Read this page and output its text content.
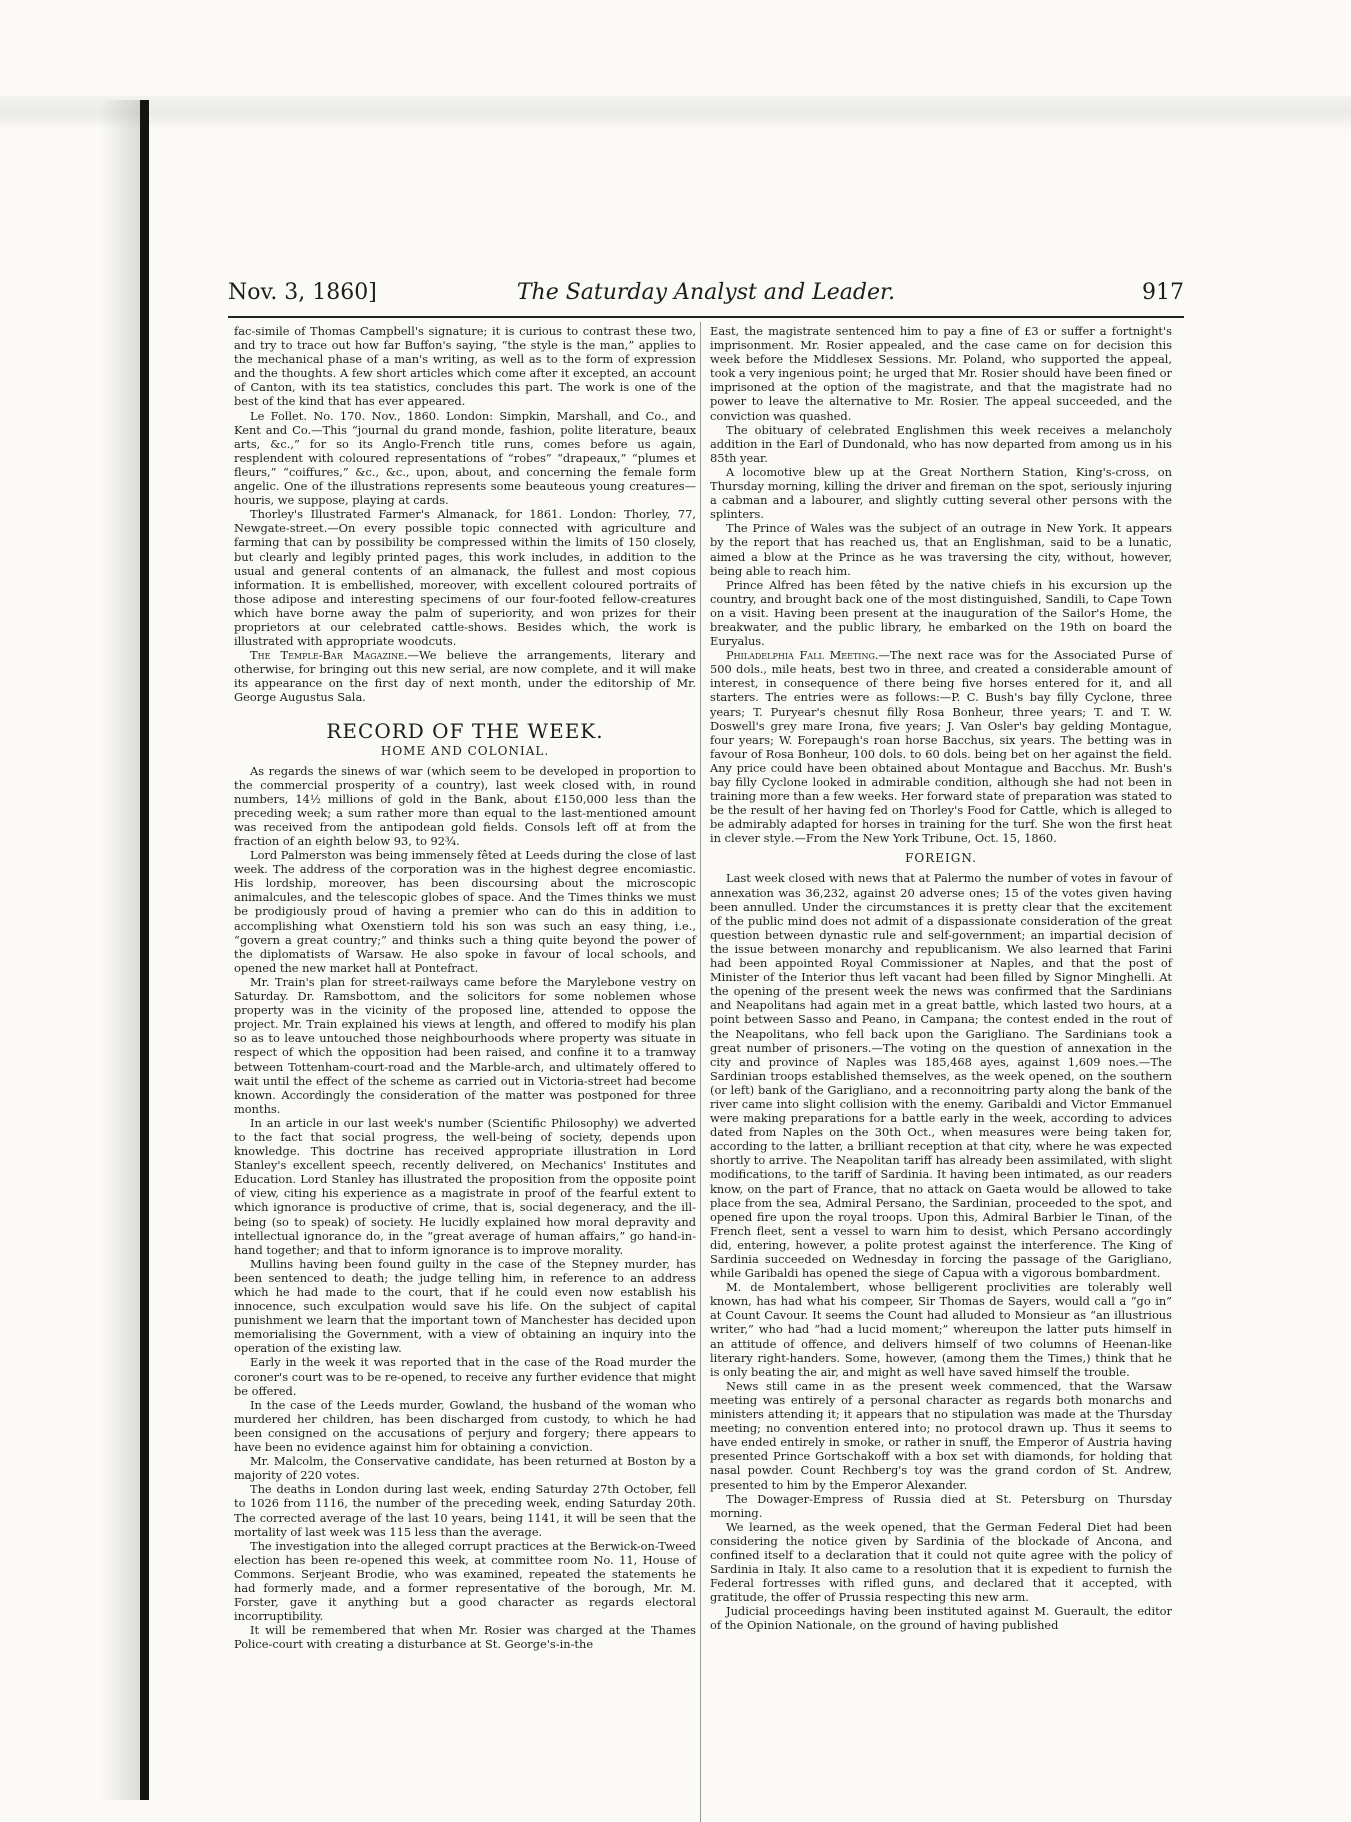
Nov. 3, 1860]	The Saturday Analyst and Leader.	917

fac-simile of Thomas Campbell's signature; it is curious to contrast these two, and try to trace out how far Buffon's saying, “the style is the man,” applies to the mechanical phase of a man's writing, as well as to the form of expression and the thoughts. A few short articles which come after it excepted, an account of Canton, with its tea statistics, concludes this part. The work is one of the best of the kind that has ever appeared.

Le Follet. No. 170. Nov., 1860. London: Simpkin, Marshall, and Co., and Kent and Co.—This “journal du grand monde, fashion, polite literature, beaux arts, &c.,” for so its Anglo-French title runs, comes before us again, resplendent with coloured representations of “robes” “drapeaux,” “plumes et fleurs,” “coiffures,” &c., &c., upon, about, and concerning the female form angelic. One of the illustrations represents some beauteous young creatures—houris, we suppose, playing at cards.

Thorley's Illustrated Farmer's Almanack, for 1861. London: Thorley, 77, Newgate-street.—On every possible topic connected with agriculture and farming that can by possibility be compressed within the limits of 150 closely, but clearly and legibly printed pages, this work includes, in addition to the usual and general contents of an almanack, the fullest and most copious information. It is embellished, moreover, with excellent coloured portraits of those adipose and interesting specimens of our four-footed fellow-creatures which have borne away the palm of superiority, and won prizes for their proprietors at our celebrated cattle-shows. Besides which, the work is illustrated with appropriate woodcuts.

The Temple-Bar Magazine.—We believe the arrangements, literary and otherwise, for bringing out this new serial, are now complete, and it will make its appearance on the first day of next month, under the editorship of Mr. George Augustus Sala.

RECORD OF THE WEEK.
HOME AND COLONIAL.

As regards the sinews of war (which seem to be developed in proportion to the commercial prosperity of a country), last week closed with, in round numbers, 14½ millions of gold in the Bank, about £150,000 less than the preceding week; a sum rather more than equal to the last-mentioned amount was received from the antipodean gold fields. Consols left off at from the fraction of an eighth below 93, to 92¾.

Lord Palmerston was being immensely fêted at Leeds during the close of last week. The address of the corporation was in the highest degree encomiastic. His lordship, moreover, has been discoursing about the microscopic animalcules, and the telescopic globes of space. And the Times thinks we must be prodigiously proud of having a premier who can do this in addition to accomplishing what Oxenstiern told his son was such an easy thing, i.e., “govern a great country;” and thinks such a thing quite beyond the power of the diplomatists of Warsaw. He also spoke in favour of local schools, and opened the new market hall at Pontefract.

Mr. Train's plan for street-railways came before the Marylebone vestry on Saturday. Dr. Ramsbottom, and the solicitors for some noblemen whose property was in the vicinity of the proposed line, attended to oppose the project. Mr. Train explained his views at length, and offered to modify his plan so as to leave untouched those neighbourhoods where property was situate in respect of which the opposition had been raised, and confine it to a tramway between Tottenham-court-road and the Marble-arch, and ultimately offered to wait until the effect of the scheme as carried out in Victoria-street had become known. Accordingly the consideration of the matter was postponed for three months.

In an article in our last week's number (Scientific Philosophy) we adverted to the fact that social progress, the well-being of society, depends upon knowledge. This doctrine has received appropriate illustration in Lord Stanley's excellent speech, recently delivered, on Mechanics' Institutes and Education. Lord Stanley has illustrated the proposition from the opposite point of view, citing his experience as a magistrate in proof of the fearful extent to which ignorance is productive of crime, that is, social degeneracy, and the ill-being (so to speak) of society. He lucidly explained how moral depravity and intellectual ignorance do, in the “great average of human affairs,” go hand-in-hand together; and that to inform ignorance is to improve morality.

Mullins having been found guilty in the case of the Stepney murder, has been sentenced to death; the judge telling him, in reference to an address which he had made to the court, that if he could even now establish his innocence, such exculpation would save his life. On the subject of capital punishment we learn that the important town of Manchester has decided upon memorialising the Government, with a view of obtaining an inquiry into the operation of the existing law.

Early in the week it was reported that in the case of the Road murder the coroner's court was to be re-opened, to receive any further evidence that might be offered.

In the case of the Leeds murder, Gowland, the husband of the woman who murdered her children, has been discharged from custody, to which he had been consigned on the accusations of perjury and forgery; there appears to have been no evidence against him for obtaining a conviction.

Mr. Malcolm, the Conservative candidate, has been returned at Boston by a majority of 220 votes.

The deaths in London during last week, ending Saturday 27th October, fell to 1026 from 1116, the number of the preceding week, ending Saturday 20th. The corrected average of the last 10 years, being 1141, it will be seen that the mortality of last week was 115 less than the average.

The investigation into the alleged corrupt practices at the Berwick-on-Tweed election has been re-opened this week, at committee room No. 11, House of Commons. Serjeant Brodie, who was examined, repeated the statements he had formerly made, and a former representative of the borough, Mr. M. Forster, gave it anything but a good character as regards electoral incorruptibility.

It will be remembered that when Mr. Rosier was charged at the Thames Police-court with creating a disturbance at St. George's-in-the

East, the magistrate sentenced him to pay a fine of £3 or suffer a fortnight's imprisonment. Mr. Rosier appealed, and the case came on for decision this week before the Middlesex Sessions. Mr. Poland, who supported the appeal, took a very ingenious point; he urged that Mr. Rosier should have been fined or imprisoned at the option of the magistrate, and that the magistrate had no power to leave the alternative to Mr. Rosier. The appeal succeeded, and the conviction was quashed.

The obituary of celebrated Englishmen this week receives a melancholy addition in the Earl of Dundonald, who has now departed from among us in his 85th year.

A locomotive blew up at the Great Northern Station, King's-cross, on Thursday morning, killing the driver and fireman on the spot, seriously injuring a cabman and a labourer, and slightly cutting several other persons with the splinters.

The Prince of Wales was the subject of an outrage in New York. It appears by the report that has reached us, that an Englishman, said to be a lunatic, aimed a blow at the Prince as he was traversing the city, without, however, being able to reach him.

Prince Alfred has been fêted by the native chiefs in his excursion up the country, and brought back one of the most distinguished, Sandili, to Cape Town on a visit. Having been present at the inauguration of the Sailor's Home, the breakwater, and the public library, he embarked on the 19th on board the Euryalus.

Philadelphia Fall Meeting.—The next race was for the Associated Purse of 500 dols., mile heats, best two in three, and created a considerable amount of interest, in consequence of there being five horses entered for it, and all starters. The entries were as follows:—P. C. Bush's bay filly Cyclone, three years; T. Puryear's chesnut filly Rosa Bonheur, three years; T. and T. W. Doswell's grey mare Irona, five years; J. Van Osler's bay gelding Montague, four years; W. Forepaugh's roan horse Bacchus, six years. The betting was in favour of Rosa Bonheur, 100 dols. to 60 dols. being bet on her against the field. Any price could have been obtained about Montague and Bacchus. Mr. Bush's bay filly Cyclone looked in admirable condition, although she had not been in training more than a few weeks. Her forward state of preparation was stated to be the result of her having fed on Thorley's Food for Cattle, which is alleged to be admirably adapted for horses in training for the turf. She won the first heat in clever style.—From the New York Tribune, Oct. 15, 1860.

FOREIGN.

Last week closed with news that at Palermo the number of votes in favour of annexation was 36,232, against 20 adverse ones; 15 of the votes given having been annulled. Under the circumstances it is pretty clear that the excitement of the public mind does not admit of a dispassionate consideration of the great question between dynastic rule and self-government; an impartial decision of the issue between monarchy and republicanism. We also learned that Farini had been appointed Royal Commissioner at Naples, and that the post of Minister of the Interior thus left vacant had been filled by Signor Minghelli. At the opening of the present week the news was confirmed that the Sardinians and Neapolitans had again met in a great battle, which lasted two hours, at a point between Sasso and Peano, in Campana; the contest ended in the rout of the Neapolitans, who fell back upon the Garigliano. The Sardinians took a great number of prisoners.—The voting on the question of annexation in the city and province of Naples was 185,468 ayes, against 1,609 noes.—The Sardinian troops established themselves, as the week opened, on the southern (or left) bank of the Garigliano, and a reconnoitring party along the bank of the river came into slight collision with the enemy. Garibaldi and Victor Emmanuel were making preparations for a battle early in the week, according to advices dated from Naples on the 30th Oct., when measures were being taken for, according to the latter, a brilliant reception at that city, where he was expected shortly to arrive. The Neapolitan tariff has already been assimilated, with slight modifications, to the tariff of Sardinia. It having been intimated, as our readers know, on the part of France, that no attack on Gaeta would be allowed to take place from the sea, Admiral Persano, the Sardinian, proceeded to the spot, and opened fire upon the royal troops. Upon this, Admiral Barbier le Tinan, of the French fleet, sent a vessel to warn him to desist, which Persano accordingly did, entering, however, a polite protest against the interference. The King of Sardinia succeeded on Wednesday in forcing the passage of the Garigliano, while Garibaldi has opened the siege of Capua with a vigorous bombardment.

M. de Montalembert, whose belligerent proclivities are tolerably well known, has had what his compeer, Sir Thomas de Sayers, would call a “go in” at Count Cavour. It seems the Count had alluded to Monsieur as “an illustrious writer,” who had “had a lucid moment;” whereupon the latter puts himself in an attitude of offence, and delivers himself of two columns of Heenan-like literary right-handers. Some, however, (among them the Times,) think that he is only beating the air, and might as well have saved himself the trouble.

News still came in as the present week commenced, that the Warsaw meeting was entirely of a personal character as regards both monarchs and ministers attending it; it appears that no stipulation was made at the Thursday meeting; no convention entered into; no protocol drawn up. Thus it seems to have ended entirely in smoke, or rather in snuff, the Emperor of Austria having presented Prince Gortschakoff with a box set with diamonds, for holding that nasal powder. Count Rechberg's toy was the grand cordon of St. Andrew, presented to him by the Emperor Alexander.

The Dowager-Empress of Russia died at St. Petersburg on Thursday morning.

We learned, as the week opened, that the German Federal Diet had been considering the notice given by Sardinia of the blockade of Ancona, and confined itself to a declaration that it could not quite agree with the policy of Sardinia in Italy. It also came to a resolution that it is expedient to furnish the Federal fortresses with rifled guns, and declared that it accepted, with gratitude, the offer of Prussia respecting this new arm.

Judicial proceedings having been instituted against M. Guerault, the editor of the Opinion Nationale, on the ground of having published
